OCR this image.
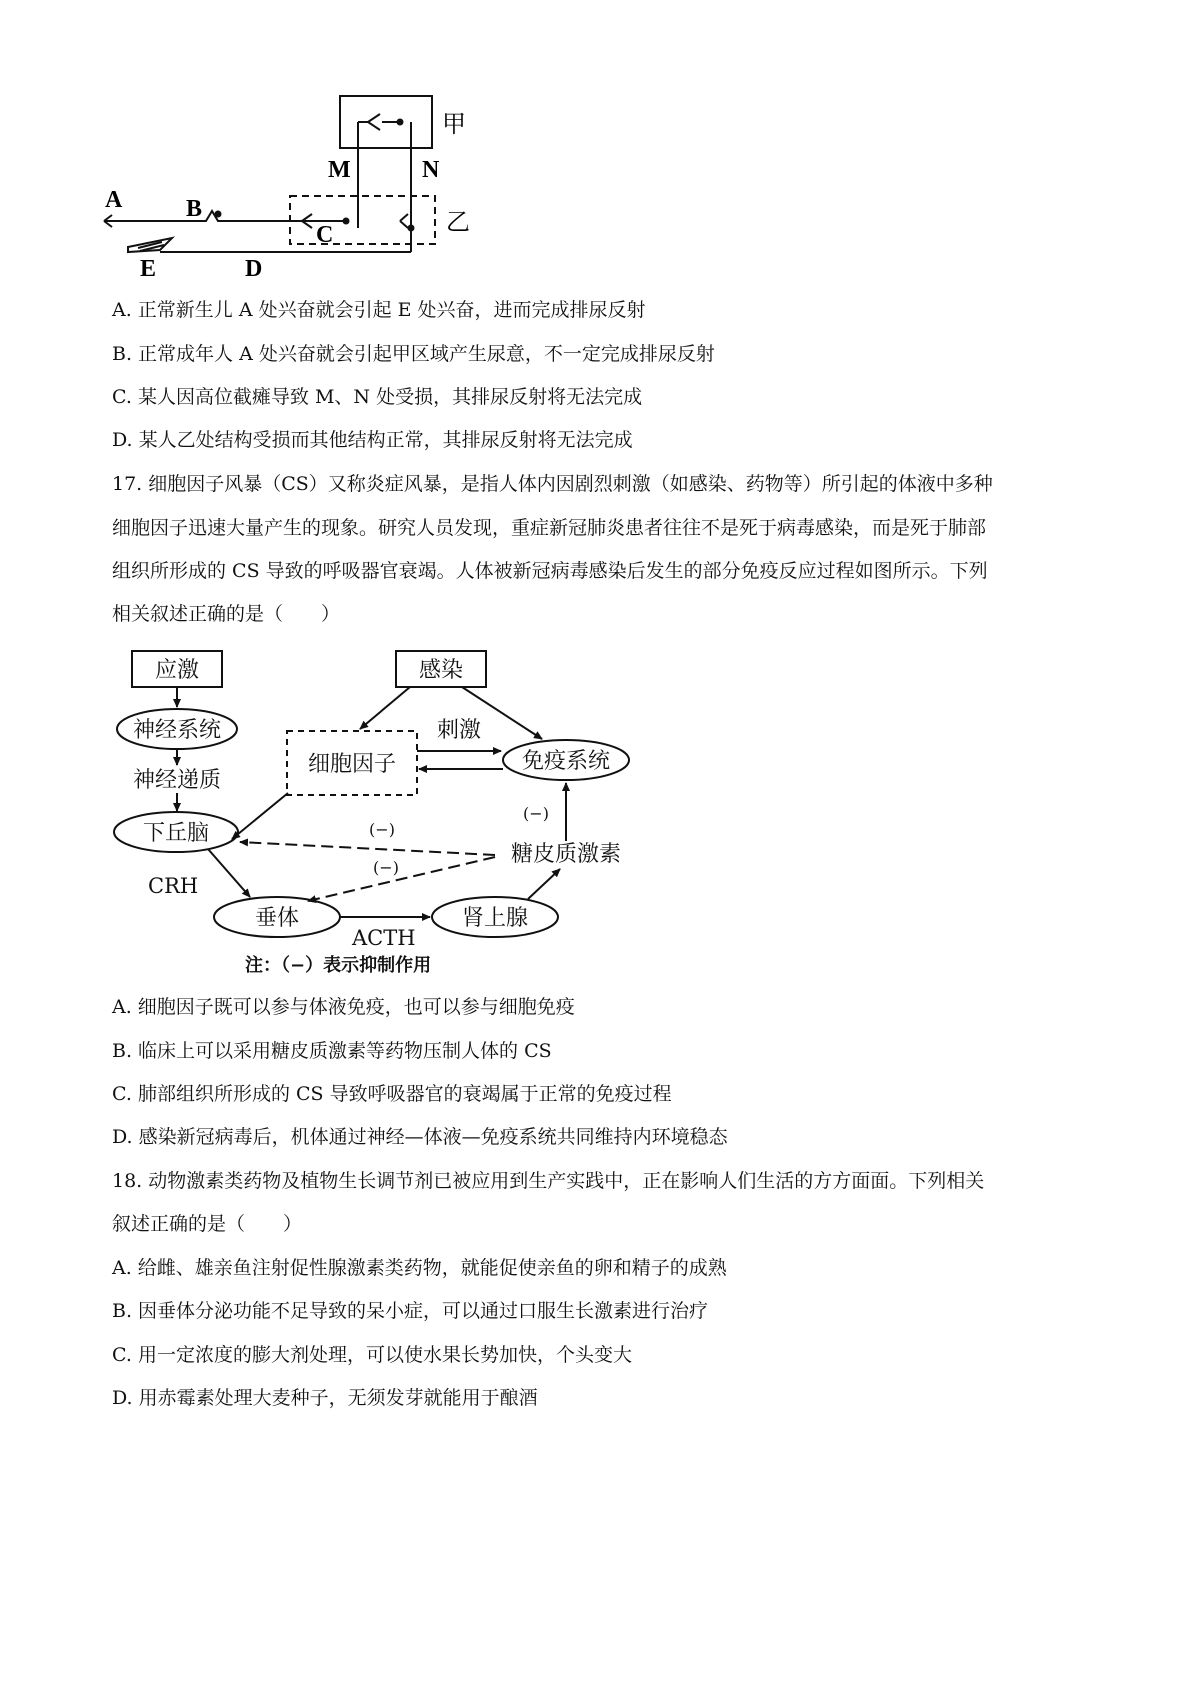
A	B
C
D
E
M	N
甲
乙
A. 正常新生儿 A 处兴奋就会引起 E 处兴奋，进而完成排尿反射
B. 正常成年人 A 处兴奋就会引起甲区域产生尿意，不一定完成排尿反射
C. 某人因高位截瘫导致 M、N 处受损，其排尿反射将无法完成
D. 某人乙处结构受损而其他结构正常，其排尿反射将无法完成
17. 细胞因子风暴（CS）又称炎症风暴，是指人体内因剧烈刺激（如感染、药物等）所引起的体液中多种
细胞因子迅速大量产生的现象。研究人员发现，重症新冠肺炎患者往往不是死于病毒感染，而是死于肺部
组织所形成的 CS 导致的呼吸器官衰竭。人体被新冠病毒感染后发生的部分免疫反应过程如图所示。下列
相关叙述正确的是（　　）
应激	感染
神经系统
神经递质
细胞因子
刺激
免疫系统
下丘脑
糖皮质激素
垂体	肾上腺
(−)
(−)
(−)
CRH
ACTH
注：（−）表示抑制作用
A. 细胞因子既可以参与体液免疫，也可以参与细胞免疫
B. 临床上可以采用糖皮质激素等药物压制人体的 CS
C. 肺部组织所形成的 CS 导致呼吸器官的衰竭属于正常的免疫过程
D. 感染新冠病毒后，机体通过神经—体液—免疫系统共同维持内环境稳态
18. 动物激素类药物及植物生长调节剂已被应用到生产实践中，正在影响人们生活的方方面面。下列相关
叙述正确的是（　　）
A. 给雌、雄亲鱼注射促性腺激素类药物，就能促使亲鱼的卵和精子的成熟
B. 因垂体分泌功能不足导致的呆小症，可以通过口服生长激素进行治疗
C. 用一定浓度的膨大剂处理，可以使水果长势加快，个头变大
D. 用赤霉素处理大麦种子，无须发芽就能用于酿酒
